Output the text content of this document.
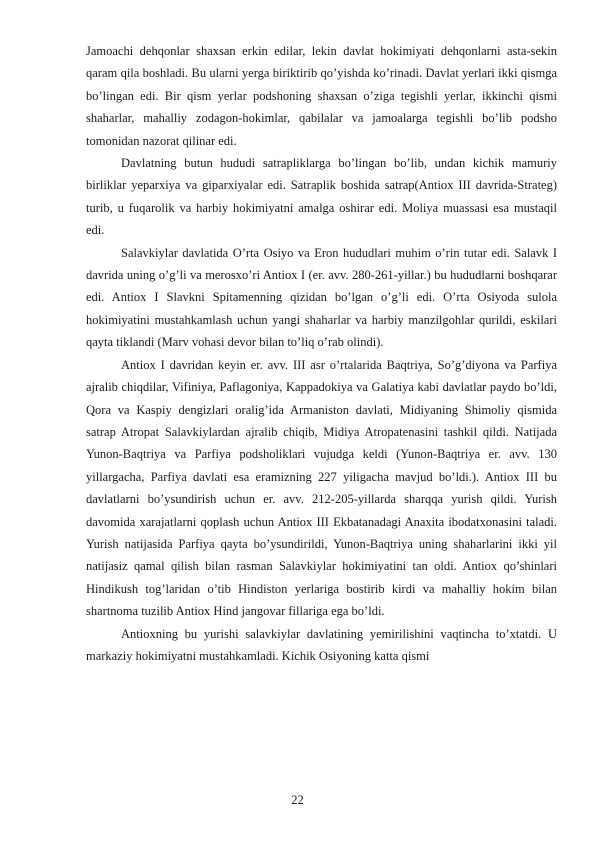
Jamoachi dehqonlar shaxsan erkin edilar, lekin davlat hokimiyati dehqonlarni asta-sekin qaram qila boshladi. Bu ularni yerga biriktirib qo’yishda ko’rinadi. Davlat yerlari ikki qismga bo’lingan edi. Bir qism yerlar podshoning shaxsan o’ziga tegishli yerlar, ikkinchi qismi shaharlar, mahalliy zodagon-hokimlar, qabilalar va jamoalarga tegishli bo’lib podsho tomonidan nazorat qilinar edi.

Davlatning butun hududi satrapliklarga bo’lingan bo’lib, undan kichik mamuriy birliklar yeparxiya va giparxiyalar edi. Satraplik boshida satrap(Antiox III davrida-Strateg) turib, u fuqarolik va harbiy hokimiyatni amalga oshirar edi. Moliya muassasi esa mustaqil edi.

Salavkiylar davlatida O’rta Osiyo va Eron hududlari muhim o’rin tutar edi. Salavk I davrida uning o’g’li va merosxo’ri Antiox I (er. avv. 280-261-yillar.) bu hududlarni boshqarar edi. Antiox I Slavkni Spitamenning qizidan bo’lgan o’g’li edi. O’rta Osiyoda sulola hokimiyatini mustahkamlash uchun yangi shaharlar va harbiy manzilgohlar qurildi, eskilari qayta tiklandi (Marv vohasi devor bilan to’liq o’rab olindi).

Antiox I davridan keyin er. avv. III asr o’rtalarida Baqtriya, So’g’diyona va Parfiya ajralib chiqdilar, Vifiniya, Paflagoniya, Kappadokiya va Galatiya kabi davlatlar paydo bo’ldi, Qora va Kaspiy dengizlari oralig’ida Armaniston davlati, Midiyaning Shimoliy qismida satrap Atropat Salavkiylardan ajralib chiqib, Midiya Atropatenasini tashkil qildi. Natijada Yunon-Baqtriya va Parfiya podsholiklari vujudga keldi (Yunon-Baqtriya er. avv. 130 yillargacha, Parfiya davlati esa eramizning 227 yiligacha mavjud bo’ldi.). Antiox III bu davlatlarni bo’ysundirish uchun er. avv. 212-205-yillarda sharqqa yurish qildi. Yurish davomida xarajatlarni qoplash uchun Antiox III Ekbatanadagi Anaxita ibodatxonasini taladi. Yurish natijasida Parfiya qayta bo’ysundirildi, Yunon-Baqtriya uning shaharlarini ikki yil natijasiz qamal qilish bilan rasman Salavkiylar hokimiyatini tan oldi. Antiox qo’shinlari Hindikush tog’laridan o’tib Hindiston yerlariga bostirib kirdi va mahalliy hokim bilan shartnoma tuzilib Antiox Hind jangovar fillariga ega bo’ldi.

Antioxning bu yurishi salavkiylar davlatining yemirilishini vaqtincha to’xtatdi. U markaziy hokimiyatni mustahkamladi. Kichik Osiyoning katta qismi

22
